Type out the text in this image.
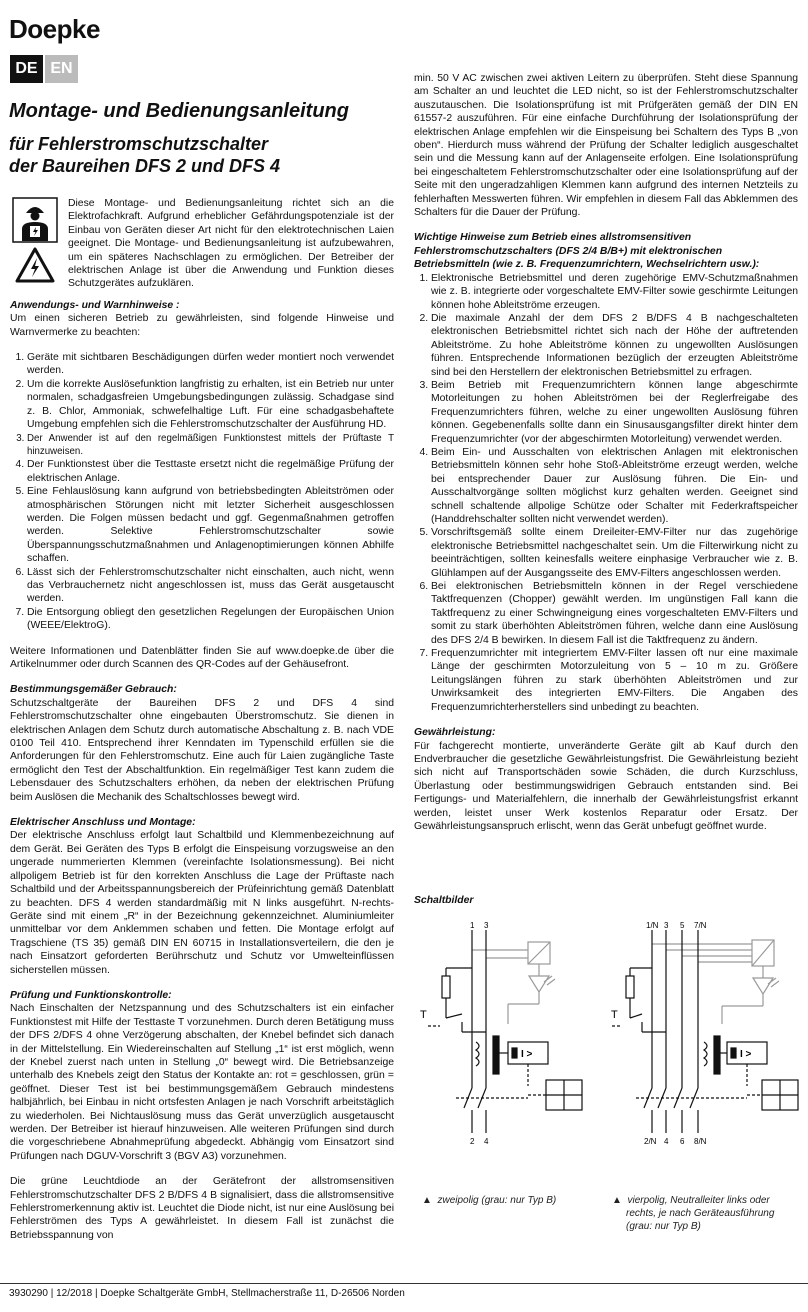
Doepke
DE EN
Montage- und Bedienungsanleitung
für Fehlerstromschutzschalter
der Baureihen DFS 2 und DFS 4

Diese Montage- und Bedienungsanleitung richtet sich an die Elektrofachkraft. Aufgrund erheblicher Gefährdungspotenziale ist der Einbau von Geräten dieser Art nicht für den elektrotechnischen Laien geeignet. Die Montage- und Bedienungsanleitung ist aufzubewahren, um ein späteres Nachschlagen zu ermöglichen. Der Betreiber der elektrischen Anlage ist über die Anwendung und Funktion dieses Schutzgerätes aufzuklären.

Anwendungs- und Warnhinweise :

Um einen sicheren Betrieb zu gewährleisten, sind folgende Hinweise und Warnvermerke zu beachten:

1. Geräte mit sichtbaren Beschädigungen dürfen weder montiert noch verwendet werden.
2. Um die korrekte Auslösefunktion langfristig zu erhalten, ist ein Betrieb nur unter normalen, schadgasfreien Umgebungsbedingungen zulässig. Schadgase sind z. B. Chlor, Ammoniak, schwefelhaltige Luft. Für eine schadgasbehaftete Umgebung empfehlen sich die Fehlerstromschutzschalter der Ausführung HD.
3. Der Anwender ist auf den regelmäßigen Funktionstest mittels der Prüftaste T hinzuweisen.
4. Der Funktionstest über die Testtaste ersetzt nicht die regelmäßige Prüfung der elektrischen Anlage.
5. Eine Fehlauslösung kann aufgrund von betriebsbedingten Ableitströmen oder atmosphärischen Störungen nicht mit letzter Sicherheit ausgeschlossen werden. Die Folgen müssen bedacht und ggf. Gegenmaßnahmen getroffen werden. Selektive Fehlerstromschutzschalter sowie Überspannungsschutzmaßnahmen und Anlagenoptimierungen können Abhilfe schaffen.
6. Lässt sich der Fehlerstromschutzschalter nicht einschalten, auch nicht, wenn das Verbrauchernetz nicht angeschlossen ist, muss das Gerät ausgetauscht werden.
7. Die Entsorgung obliegt den gesetzlichen Regelungen der Europäischen Union (WEEE/ElektroG).

Weitere Informationen und Datenblätter finden Sie auf www.doepke.de über die Artikelnummer oder durch Scannen des QR-Codes auf der Gehäusefront.

Bestimmungsgemäßer Gebrauch:

Schutzschaltgeräte der Baureihen DFS 2 und DFS 4 sind Fehlerstromschutzschalter ohne eingebauten Überstromschutz. Sie dienen in elektrischen Anlagen dem Schutz durch automatische Abschaltung z. B. nach VDE 0100 Teil 410. Entsprechend ihrer Kenndaten im Typenschild erfüllen sie die Anforderungen für den Fehlerstromschutz. Eine auch für Laien zugängliche Taste ermöglicht den Test der Abschaltfunktion. Ein regelmäßiger Test kann zudem die Lebensdauer des Schutzschalters erhöhen, da neben der elektrischen Prüfung beim Auslösen die Mechanik des Schaltschlosses bewegt wird.

Elektrischer Anschluss und Montage:

Der elektrische Anschluss erfolgt laut Schaltbild und Klemmenbezeichnung auf dem Gerät. Bei Geräten des Typs B erfolgt die Einspeisung vorzugsweise an den ungerade nummerierten Klemmen (vereinfachte Isolationsmessung). Bei nicht allpoligem Betrieb ist für den korrekten Anschluss die Lage der Prüftaste nach Schaltbild und der Arbeitsspannungsbereich der Prüfeinrichtung gemäß Datenblatt zu beachten. DFS 4 werden standardmäßig mit N links ausgeführt. N-rechts-Geräte sind mit einem „R“ in der Bezeichnung gekennzeichnet. Aluminiumleiter unmittelbar vor dem Anklemmen schaben und fetten. Die Montage erfolgt auf Tragschiene (TS 35) gemäß DIN EN 60715 in Installationsverteilern, die den je nach Einsatzort geforderten Berührschutz und Schutz vor Umwelteinflüssen sicherstellen müssen.

Prüfung und Funktionskontrolle:

Nach Einschalten der Netzspannung und des Schutzschalters ist ein einfacher Funktionstest mit Hilfe der Testtaste T vorzunehmen. Durch deren Betätigung muss der DFS 2/DFS 4 ohne Verzögerung abschalten, der Knebel befindet sich danach in der Mittelstellung. Ein Wiedereinschalten auf Stellung „1“ ist erst möglich, wenn der Knebel zuerst nach unten in Stellung „0“ bewegt wird. Die Betriebsanzeige unterhalb des Knebels zeigt den Status der Kontakte an: rot = geschlossen, grün = geöffnet. Dieser Test ist bei bestimmungsgemäßem Gebrauch mindestens halbjährlich, bei Einbau in nicht ortsfesten Anlagen je nach Vorschrift arbeitstäglich zu wiederholen. Bei Nichtauslösung muss das Gerät unverzüglich ausgetauscht werden. Der Betreiber ist hierauf hinzuweisen. Alle weiteren Prüfungen sind durch die vorgeschriebene Abnahmeprüfung abgedeckt. Abhängig vom Einsatzort sind Prüfungen nach DGUV-Vorschrift 3 (BGV A3) vorzunehmen.

Die grüne Leuchtdiode an der Gerätefront der allstromsensitiven Fehlerstromschutzschalter DFS 2 B/DFS 4 B signalisiert, dass die allstromsensitive Fehlerstromerkennung aktiv ist. Leuchtet die Diode nicht, ist nur eine Auslösung bei Fehlerströmen des Typs A gewährleistet. In diesem Fall ist zunächst die Betriebsspannung von

min. 50 V AC zwischen zwei aktiven Leitern zu überprüfen. Steht diese Spannung am Schalter an und leuchtet die LED nicht, so ist der Fehlerstromschutzschalter auszutauschen. Die Isolationsprüfung ist mit Prüfgeräten gemäß der DIN EN 61557-2 auszuführen. Für eine einfache Durchführung der Isolationsprüfung der elektrischen Anlage empfehlen wir die Einspeisung bei Schaltern des Typs B „von oben“. Hierdurch muss während der Prüfung der Schalter lediglich ausgeschaltet sein und die Messung kann auf der Anlagenseite erfolgen. Eine Isolationsprüfung bei eingeschaltetem Fehlerstromschutzschalter oder eine Isolationsprüfung auf der Seite mit den ungeradzahligen Klemmen kann aufgrund des internen Netzteils zu fehlerhaften Messwerten führen. Wir empfehlen in diesem Fall das Abklemmen des Schalters für die Dauer der Prüfung.

Wichtige Hinweise zum Betrieb eines allstromsensitiven Fehlerstromschutzschalters (DFS 2/4 B/B+) mit elektronischen Betriebsmitteln (wie z. B. Frequenzumrichtern, Wechselrichtern usw.):
1. Elektronische Betriebsmittel und deren zugehörige EMV-Schutzmaßnahmen wie z. B. integrierte oder vorgeschaltete EMV-Filter sowie geschirmte Leitungen können hohe Ableitströme erzeugen.
2. Die maximale Anzahl der dem DFS 2 B/DFS 4 B nachgeschalteten elektronischen Betriebsmittel richtet sich nach der Höhe der auftretenden Ableitströme. Zu hohe Ableitströme können zu ungewollten Auslösungen führen. Entsprechende Informationen bezüglich der erzeugten Ableitströme sind bei den Herstellern der elektronischen Betriebsmittel zu erfragen.
3. Beim Betrieb mit Frequenzumrichtern können lange abgeschirmte Motorleitungen zu hohen Ableitströmen bei der Reglerfreigabe des Frequenzumrichters führen, welche zu einer ungewollten Auslösung führen können. Gegebenenfalls sollte dann ein Sinusausgangsfilter direkt hinter dem Frequenzumrichter (vor der abgeschirmten Motorleitung) verwendet werden.
4. Beim Ein- und Ausschalten von elektrischen Anlagen mit elektronischen Betriebsmitteln können sehr hohe Stoß-Ableitströme erzeugt werden, welche bei entsprechender Dauer zur Auslösung führen. Die Ein- und Ausschaltvorgänge sollten möglichst kurz gehalten werden. Geeignet sind schnell schaltende allpolige Schütze oder Schalter mit Federkraftspeicher (Handdrehschalter sollten nicht verwendet werden).
5. Vorschriftsgemäß sollte einem Dreileiter-EMV-Filter nur das zugehörige elektronische Betriebsmittel nachgeschaltet sein. Um die Filterwirkung nicht zu beeinträchtigen, sollten keinesfalls weitere einphasige Verbraucher wie z. B. Glühlampen auf der Ausgangsseite des EMV-Filters angeschlossen werden.
6. Bei elektronischen Betriebsmitteln können in der Regel verschiedene Taktfrequenzen (Chopper) gewählt werden. Im ungünstigen Fall kann die Taktfrequenz zu einer Schwingneigung eines vorgeschalteten EMV-Filters und somit zu stark überhöhten Ableitströmen führen, welche dann eine Auslösung des DFS 2/4 B bewirken. In diesem Fall ist die Taktfrequenz zu ändern.
7. Frequenzumrichter mit integriertem EMV-Filter lassen oft nur eine maximale Länge der geschirmten Motorzuleitung von 5 – 10 m zu. Größere Leitungslängen führen zu stark überhöhten Ableitströmen und zur Unwirksamkeit des integrierten EMV-Filters. Die Angaben des Frequenzumrichterherstellers sind unbedingt zu beachten.
Gewährleistung:

Für fachgerecht montierte, unveränderte Geräte gilt ab Kauf durch den Endverbraucher die gesetzliche Gewährleistungsfrist. Die Gewährleistung bezieht sich nicht auf Transportschäden sowie Schäden, die durch Kurzschluss, Überlastung oder bestimmungswidrigen Gebrauch entstanden sind. Bei Fertigungs- und Materialfehlern, die innerhalb der Gewährleistungsfrist erkannt werden, leistet unser Werk kostenlos Reparatur oder Ersatz. Der Gewährleistungsanspruch erlischt, wenn das Gerät unbefugt geöffnet wurde.

Schaltbilder
1 3
2 4
T
I >
1/N 3 5 7/N
2/N 4 6 8/N
T
I >
▲  zweipolig (grau: nur Typ B)	▲  vierpolig, Neutralleiter links oder
rechts, je nach Geräteausführung
(grau: nur Typ B)
3930290 | 12/2018 | Doepke Schaltgeräte GmbH, Stellmacherstraße 11, D-26506 Norden
